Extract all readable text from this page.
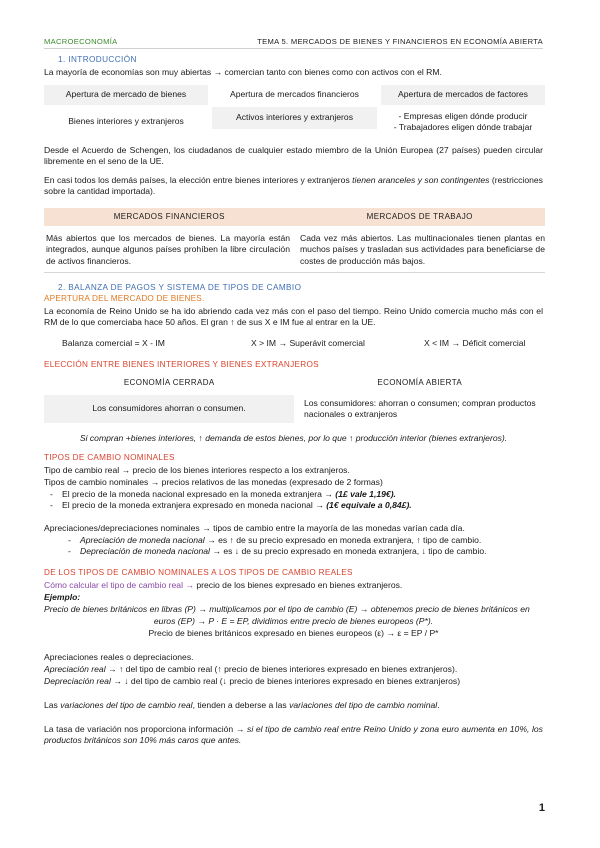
MACROECONOMÍA	TEMA 5. MERCADOS DE BIENES Y FINANCIEROS EN ECONOMÍA ABIERTA
1. INTRODUCCIÓN
La mayoría de economías son muy abiertas → comercian tanto con bienes como con activos con el RM.
Apertura de mercado de bienes	Apertura de mercados financieros	Apertura de mercados de factores
Bienes interiores y extranjeros	Activos interiores y extranjeros	- Empresas eligen dónde producir
- Trabajadores eligen dónde trabajar
Desde el Acuerdo de Schengen, los ciudadanos de cualquier estado miembro de la Unión Europea (27 países) pueden circular libremente en el seno de la UE.
En casi todos los demás países, la elección entre bienes interiores y extranjeros tienen aranceles y son contingentes (restricciones sobre la cantidad importada).
MERCADOS FINANCIEROS	MERCADOS DE TRABAJO
Más abiertos que los mercados de bienes. La mayoría están integrados, aunque algunos países prohíben la libre circulación de activos financieros.
Cada vez más abiertos. Las multinacionales tienen plantas en muchos países y trasladan sus actividades para beneficiarse de costes de producción más bajos.
2. BALANZA DE PAGOS Y SISTEMA DE TIPOS DE CAMBIO
APERTURA DEL MERCADO DE BIENES.
La economía de Reino Unido se ha ido abriendo cada vez más con el paso del tiempo. Reino Unido comercia mucho más con el RM de lo que comerciaba hace 50 años. El gran ↑ de sus X e IM fue al entrar en la UE.
Balanza comercial = X - IM	X > IM → Superávit comercial	X < IM → Déficit comercial
ELECCIÓN ENTRE BIENES INTERIORES Y BIENES EXTRANJEROS
ECONOMÍA CERRADA	ECONOMÍA ABIERTA
Los consumidores ahorran o consumen.
Los consumidores: ahorran o consumen; compran productos nacionales o extranjeros
Si compran +bienes interiores, ↑ demanda de estos bienes, por lo que ↑ producción interior (bienes extranjeros).
TIPOS DE CAMBIO NOMINALES
Tipo de cambio real → precio de los bienes interiores respecto a los extranjeros.
Tipos de cambio nominales → precios relativos de las monedas (expresado de 2 formas)
- El precio de la moneda nacional expresado en la moneda extranjera → (1£ vale 1,19€).
- El precio de la moneda extranjera expresado en moneda nacional → (1€ equivale a 0,84£).
Apreciaciones/depreciaciones nominales → tipos de cambio entre la mayoría de las monedas varían cada día.
- Apreciación de moneda nacional → es ↑ de su precio expresado en moneda extranjera, ↑ tipo de cambio.
- Depreciación de moneda nacional → es ↓ de su precio expresado en moneda extranjera, ↓ tipo de cambio.
DE LOS TIPOS DE CAMBIO NOMINALES A LOS TIPOS DE CAMBIO REALES
Cómo calcular el tipo de cambio real → precio de los bienes expresado en bienes extranjeros.
Ejemplo:
Precio de bienes británicos en libras (P) → multiplicamos por el tipo de cambio (E) → obtenemos precio de bienes británicos en
euros (EP) → P · E = EP, dividimos entre precio de bienes europeos (P*).
Precio de bienes británicos expresado en bienes europeos (ε) → ε = EP / P*
Apreciaciones reales o depreciaciones.
Apreciación real → ↑ del tipo de cambio real (↑ precio de bienes interiores expresado en bienes extranjeros).
Depreciación real → ↓ del tipo de cambio real (↓ precio de bienes interiores expresado en bienes extranjeros)
Las variaciones del tipo de cambio real, tienden a deberse a las variaciones del tipo de cambio nominal.
La tasa de variación nos proporciona información → si el tipo de cambio real entre Reino Unido y zona euro aumenta en 10%, los productos británicos son 10% más caros que antes.
1
